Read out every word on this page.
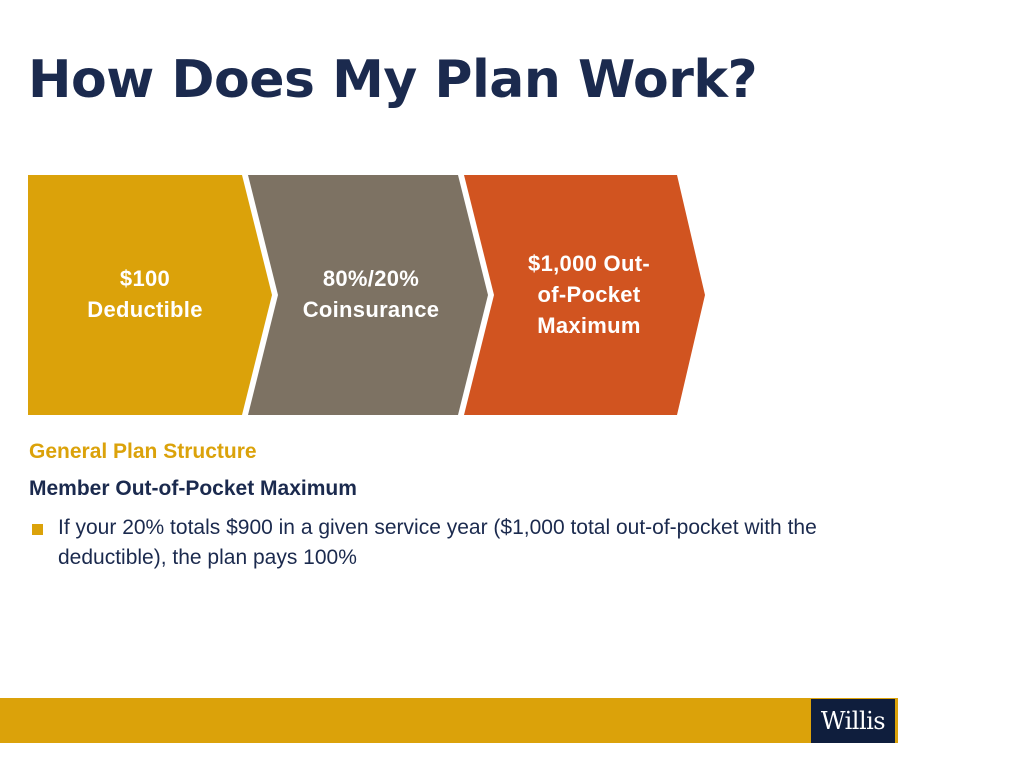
How Does My Plan Work?
$100
Deductible
80%/20%
Coinsurance
$1,000 Out-
of-Pocket
Maximum
General Plan Structure
Member Out-of-Pocket Maximum
If your 20% totals $900 in a given service year ($1,000 total out-of-pocket with the deductible), the plan pays 100%
Willis
